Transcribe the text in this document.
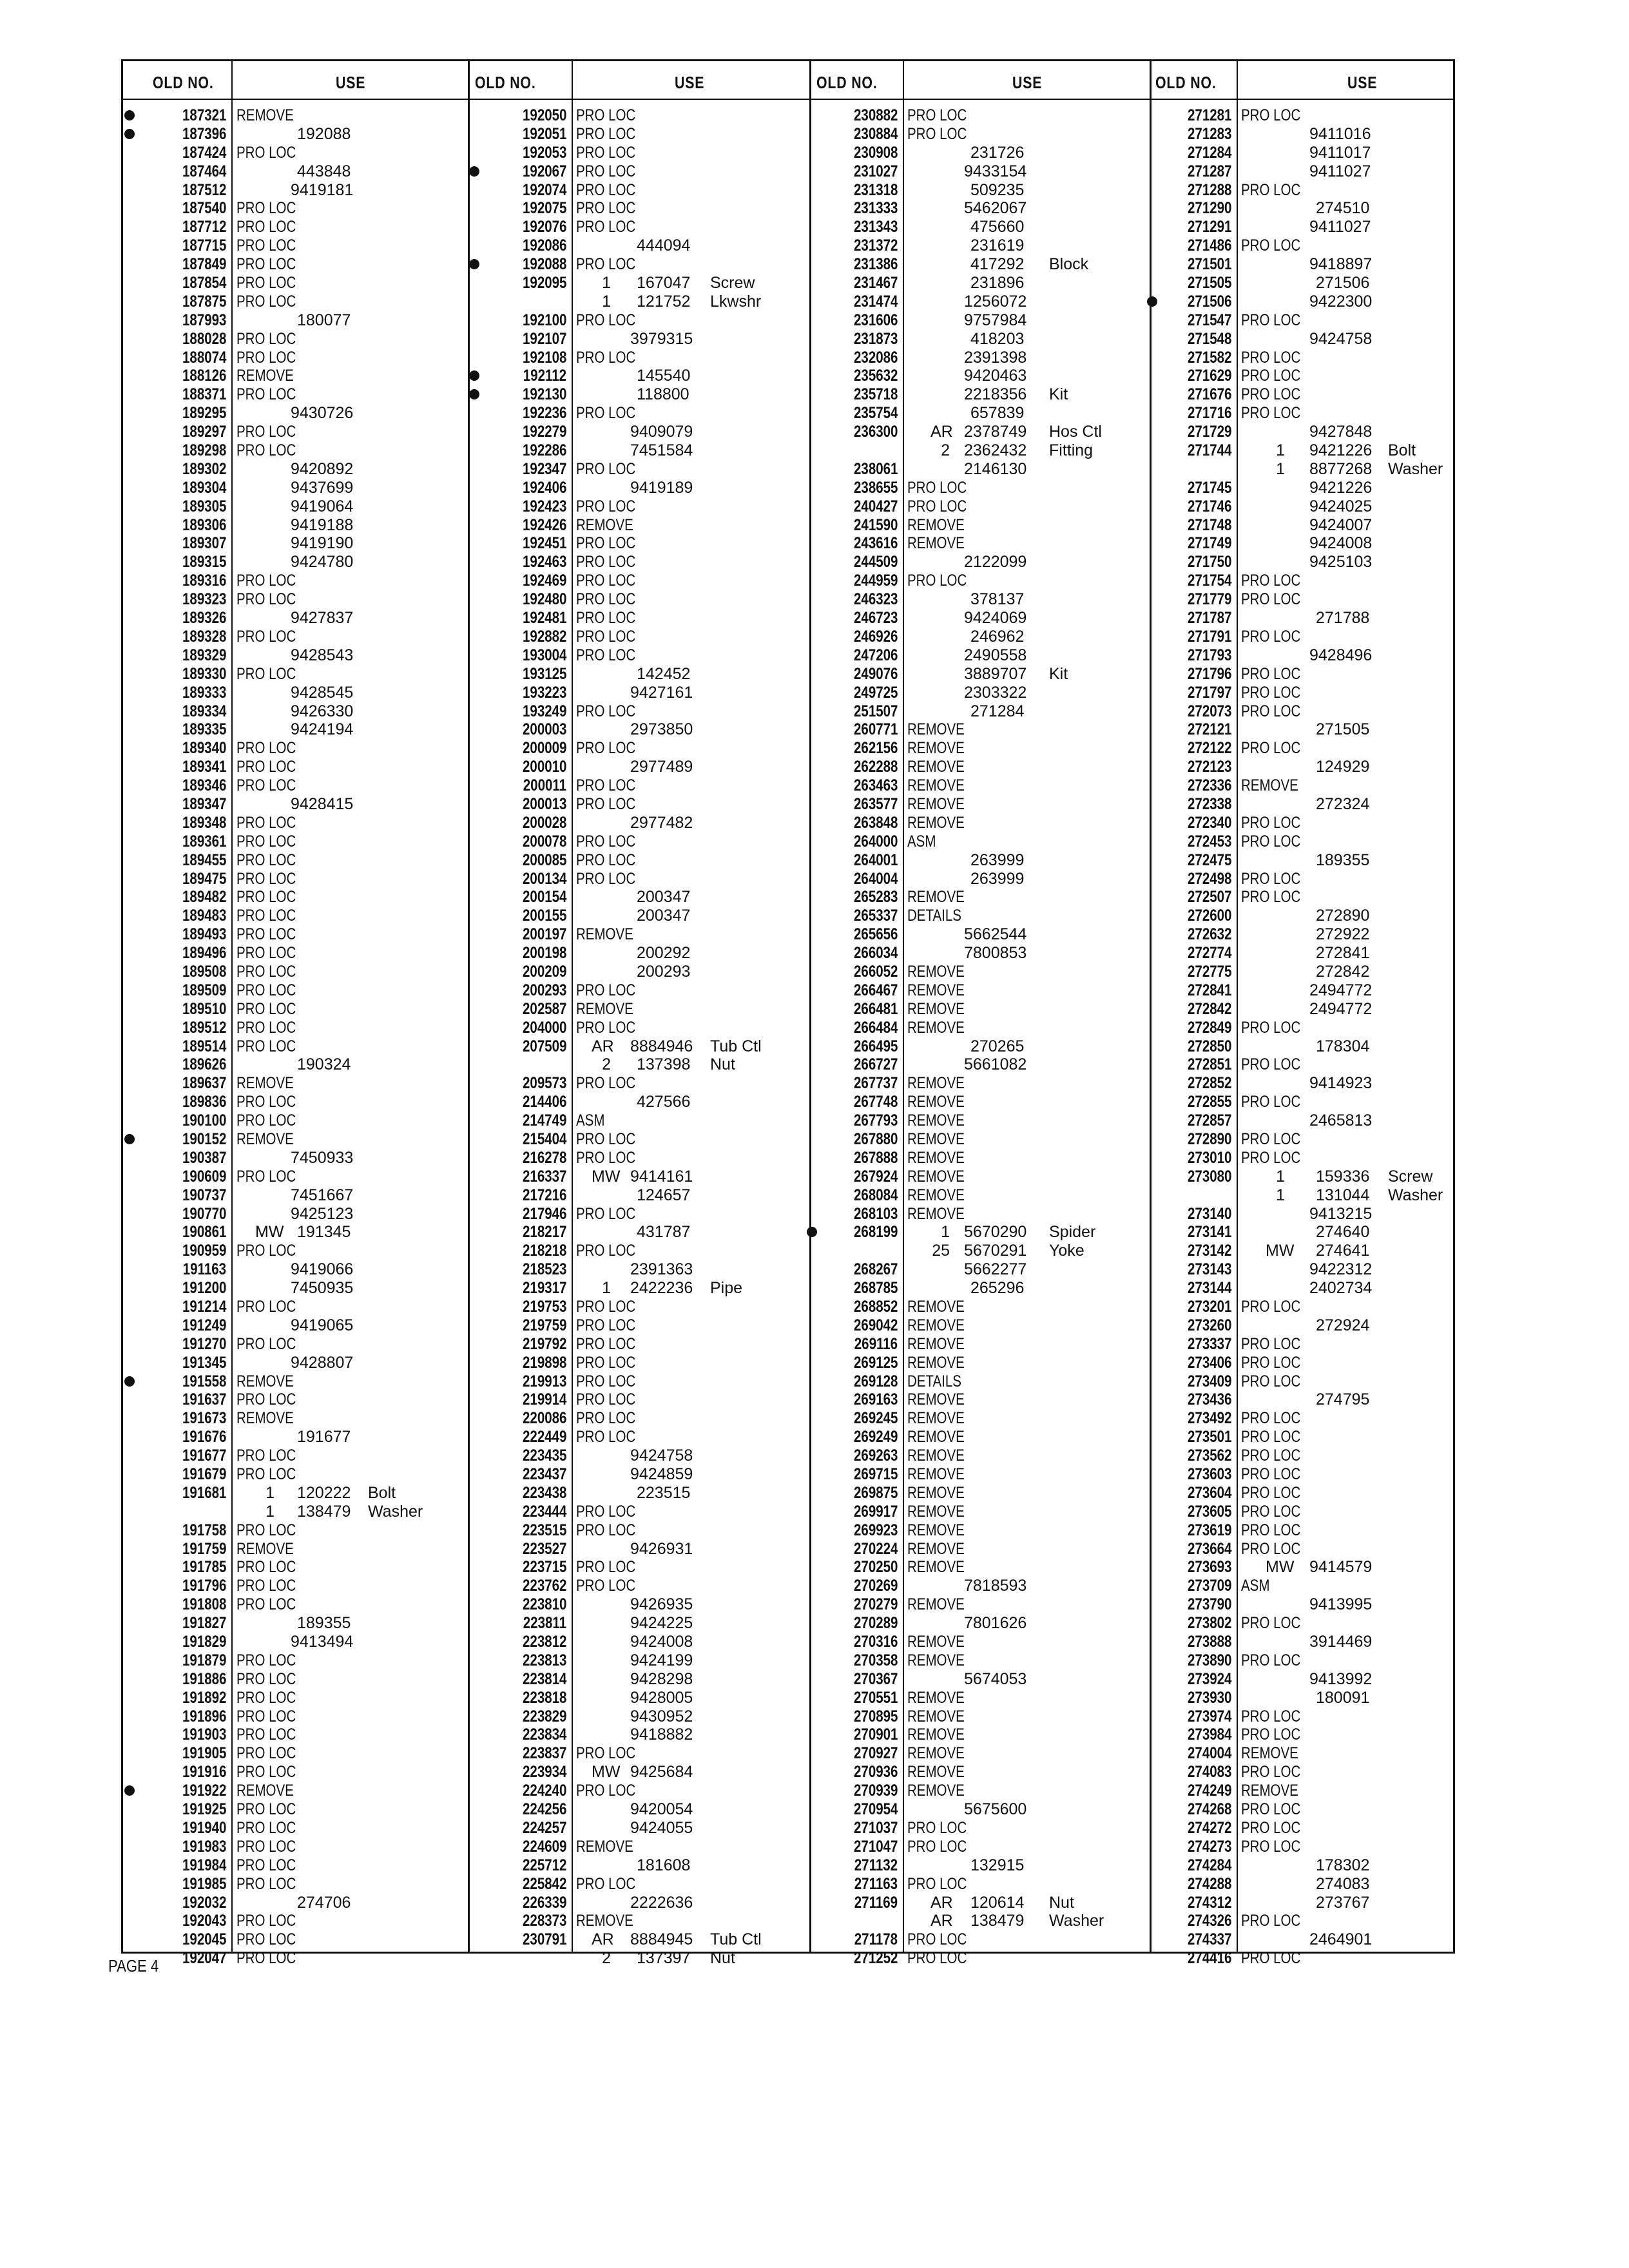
OLD NO.	USE	OLD NO.	USE	OLD NO.	USE	OLD NO.	USE
187321 REMOVE
187396	192088
187424 PRO LOC
187464	443848
187512	9419181
187540 PRO LOC
187712 PRO LOC
187715 PRO LOC
187849 PRO LOC
187854 PRO LOC
187875 PRO LOC
187993	180077
188028 PRO LOC
188074 PRO LOC
188126 REMOVE
188371 PRO LOC
189295	9430726
189297 PRO LOC
189298 PRO LOC
189302	9420892
189304	9437699
189305	9419064
189306	9419188
189307	9419190
189315	9424780
189316 PRO LOC
189323 PRO LOC
189326	9427837
189328 PRO LOC
189329	9428543
189330 PRO LOC
189333	9428545
189334	9426330
189335	9424194
189340 PRO LOC
189341 PRO LOC
189346 PRO LOC
189347	9428415
189348 PRO LOC
189361 PRO LOC
189455 PRO LOC
189475 PRO LOC
189482 PRO LOC
189483 PRO LOC
189493 PRO LOC
189496 PRO LOC
189508 PRO LOC
189509 PRO LOC
189510 PRO LOC
189512 PRO LOC
189514 PRO LOC
189626	190324
189637 REMOVE
189836 PRO LOC
190100 PRO LOC
190152 REMOVE
190387	7450933
190609 PRO LOC
190737	7451667
190770	9425123
190861 MW 191345
190959 PRO LOC
191163	9419066
191200	7450935
191214 PRO LOC
191249	9419065
191270 PRO LOC
191345	9428807
191558 REMOVE
191637 PRO LOC
191673 REMOVE
191676	191677
191677 PRO LOC
191679 PRO LOC
191681	1 120222 Bolt
1 138479 Washer
191758 PRO LOC
191759 REMOVE
191785 PRO LOC
191796 PRO LOC
191808 PRO LOC
191827	189355
191829	9413494
191879 PRO LOC
191886 PRO LOC
191892 PRO LOC
191896 PRO LOC
191903 PRO LOC
191905 PRO LOC
191916 PRO LOC
191922 REMOVE
191925 PRO LOC
191940 PRO LOC
191983 PRO LOC
191984 PRO LOC
191985 PRO LOC
192032	274706
192043 PRO LOC
192045 PRO LOC
192047 PRO LOC
192050 PRO LOC
192051 PRO LOC
192053 PRO LOC
192067 PRO LOC
192074 PRO LOC
192075 PRO LOC
192076 PRO LOC
192086	444094
192088 PRO LOC
192095	1 167047 Screw
1 121752 Lkwshr
192100 PRO LOC
192107	3979315
192108 PRO LOC
192112	145540
192130	118800
192236 PRO LOC
192279	9409079
192286	7451584
192347 PRO LOC
192406	9419189
192423 PRO LOC
192426 REMOVE
192451 PRO LOC
192463 PRO LOC
192469 PRO LOC
192480 PRO LOC
192481 PRO LOC
192882 PRO LOC
193004 PRO LOC
193125	142452
193223	9427161
193249 PRO LOC
200003	2973850
200009 PRO LOC
200010	2977489
200011 PRO LOC
200013 PRO LOC
200028	2977482
200078 PRO LOC
200085 PRO LOC
200134 PRO LOC
200154	200347
200155	200347
200197 REMOVE
200198	200292
200209	200293
200293 PRO LOC
202587 REMOVE
204000 PRO LOC
207509 AR 8884946 Tub Ctl
2 137398 Nut
209573 PRO LOC
214406	427566
214749 ASM
215404 PRO LOC
216278 PRO LOC
216337 MW 9414161
217216	124657
217946 PRO LOC
218217	431787
218218 PRO LOC
218523	2391363
219317	1 2422236 Pipe
219753 PRO LOC
219759 PRO LOC
219792 PRO LOC
219898 PRO LOC
219913 PRO LOC
219914 PRO LOC
220086 PRO LOC
222449 PRO LOC
223435	9424758
223437	9424859
223438	223515
223444 PRO LOC
223515 PRO LOC
223527	9426931
223715 PRO LOC
223762 PRO LOC
223810	9426935
223811	9424225
223812	9424008
223813	9424199
223814	9428298
223818	9428005
223829	9430952
223834	9418882
223837 PRO LOC
223934 MW 9425684
224240 PRO LOC
224256	9420054
224257	9424055
224609 REMOVE
225712	181608
225842 PRO LOC
226339	2222636
228373 REMOVE
230791 AR 8884945 Tub Ctl
2 137397 Nut
230882 PRO LOC
230884 PRO LOC
230908	231726
231027	9433154
231318	509235
231333	5462067
231343	475660
231372	231619
231386	417292 Block
231467	231896
231474	1256072
231606	9757984
231873	418203
232086	2391398
235632	9420463
235718	2218356 Kit
235754	657839
236300 AR 2378749 Hos Ctl
2 2362432 Fitting
238061	2146130
238655 PRO LOC
240427 PRO LOC
241590 REMOVE
243616 REMOVE
244509	2122099
244959 PRO LOC
246323	378137
246723	9424069
246926	246962
247206	2490558
249076	3889707 Kit
249725	2303322
251507	271284
260771 REMOVE
262156 REMOVE
262288 REMOVE
263463 REMOVE
263577 REMOVE
263848 REMOVE
264000 ASM
264001	263999
264004	263999
265283 REMOVE
265337 DETAILS
265656	5662544
266034	7800853
266052 REMOVE
266467 REMOVE
266481 REMOVE
266484 REMOVE
266495	270265
266727	5661082
267737 REMOVE
267748 REMOVE
267793 REMOVE
267880 REMOVE
267888 REMOVE
267924 REMOVE
268084 REMOVE
268103 REMOVE
268199	1 5670290 Spider
25 5670291 Yoke
268267	5662277
268785	265296
268852 REMOVE
269042 REMOVE
269116 REMOVE
269125 REMOVE
269128 DETAILS
269163 REMOVE
269245 REMOVE
269249 REMOVE
269263 REMOVE
269715 REMOVE
269875 REMOVE
269917 REMOVE
269923 REMOVE
270224 REMOVE
270250 REMOVE
270269	7818593
270279 REMOVE
270289	7801626
270316 REMOVE
270358 REMOVE
270367	5674053
270551 REMOVE
270895 REMOVE
270901 REMOVE
270927 REMOVE
270936 REMOVE
270939 REMOVE
270954	5675600
271037 PRO LOC
271047 PRO LOC
271132	132915
271163 PRO LOC
271169 AR 120614 Nut
AR 138479 Washer
271178 PRO LOC
271252 PRO LOC
271281 PRO LOC
271283	9411016
271284	9411017
271287	9411027
271288 PRO LOC
271290	274510
271291	9411027
271486 PRO LOC
271501	9418897
271505	271506
271506	9422300
271547 PRO LOC
271548	9424758
271582 PRO LOC
271629 PRO LOC
271676 PRO LOC
271716 PRO LOC
271729	9427848
271744	1 9421226 Bolt
1 8877268 Washer
271745	9421226
271746	9424025
271748	9424007
271749	9424008
271750	9425103
271754 PRO LOC
271779 PRO LOC
271787	271788
271791 PRO LOC
271793	9428496
271796 PRO LOC
271797 PRO LOC
272073 PRO LOC
272121	271505
272122 PRO LOC
272123	124929
272336 REMOVE
272338	272324
272340 PRO LOC
272453 PRO LOC
272475	189355
272498 PRO LOC
272507 PRO LOC
272600	272890
272632	272922
272774	272841
272775	272842
272841	2494772
272842	2494772
272849 PRO LOC
272850	178304
272851 PRO LOC
272852	9414923
272855 PRO LOC
272857	2465813
272890 PRO LOC
273010 PRO LOC
273080	1 159336 Screw
1 131044 Washer
273140	9413215
273141	274640
273142 MW 274641
273143	9422312
273144	2402734
273201 PRO LOC
273260	272924
273337 PRO LOC
273406 PRO LOC
273409 PRO LOC
273436	274795
273492 PRO LOC
273501 PRO LOC
273562 PRO LOC
273603 PRO LOC
273604 PRO LOC
273605 PRO LOC
273619 PRO LOC
273664 PRO LOC
273693 MW 9414579
273709 ASM
273790	9413995
273802 PRO LOC
273888	3914469
273890 PRO LOC
273924	9413992
273930	180091
273974 PRO LOC
273984 PRO LOC
274004 REMOVE
274083 PRO LOC
274249 REMOVE
274268 PRO LOC
274272 PRO LOC
274273 PRO LOC
274284	178302
274288	274083
274312	273767
274326 PRO LOC
274337	2464901
274416 PRO LOC
PAGE 4
